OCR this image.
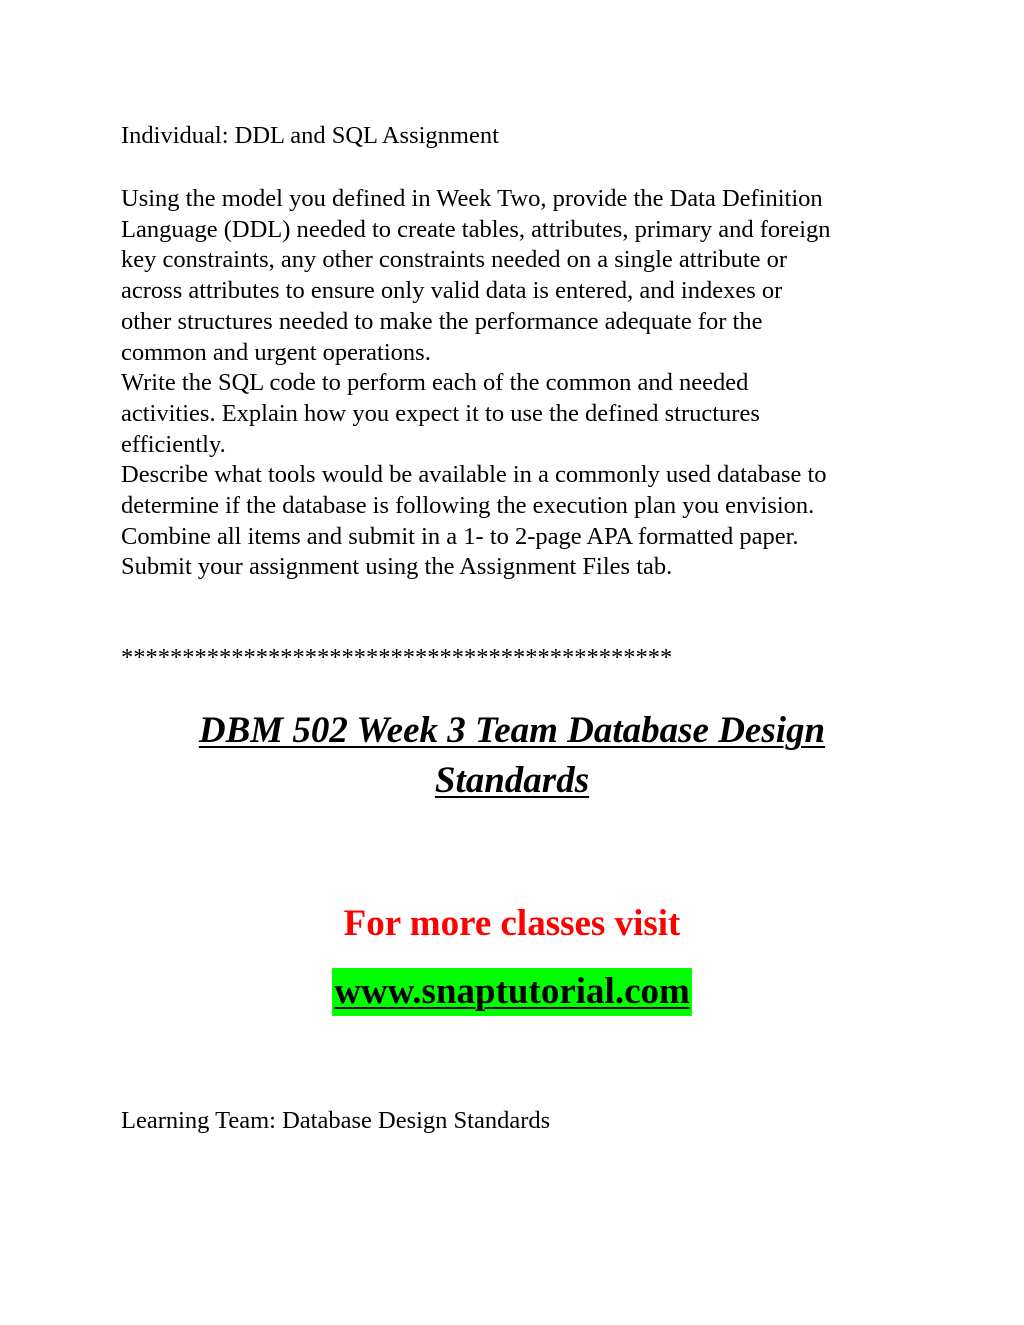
Individual: DDL and SQL Assignment

Using the model you defined in Week Two, provide the Data Definition

Language (DDL) needed to create tables, attributes, primary and foreign

key constraints, any other constraints needed on a single attribute or

across attributes to ensure only valid data is entered, and indexes or

other structures needed to make the performance adequate for the

common and urgent operations.

Write the SQL code to perform each of the common and needed

activities. Explain how you expect it to use the defined structures

efficiently.

Describe what tools would be available in a commonly used database to

determine if the database is following the execution plan you envision.

Combine all items and submit in a 1- to 2-page APA formatted paper.

Submit your assignment using the Assignment Files tab.

*********************************************

DBM 502 Week 3 Team Database Design

Standards

For more classes visit

www.snaptutorial.com

Learning Team: Database Design Standards
